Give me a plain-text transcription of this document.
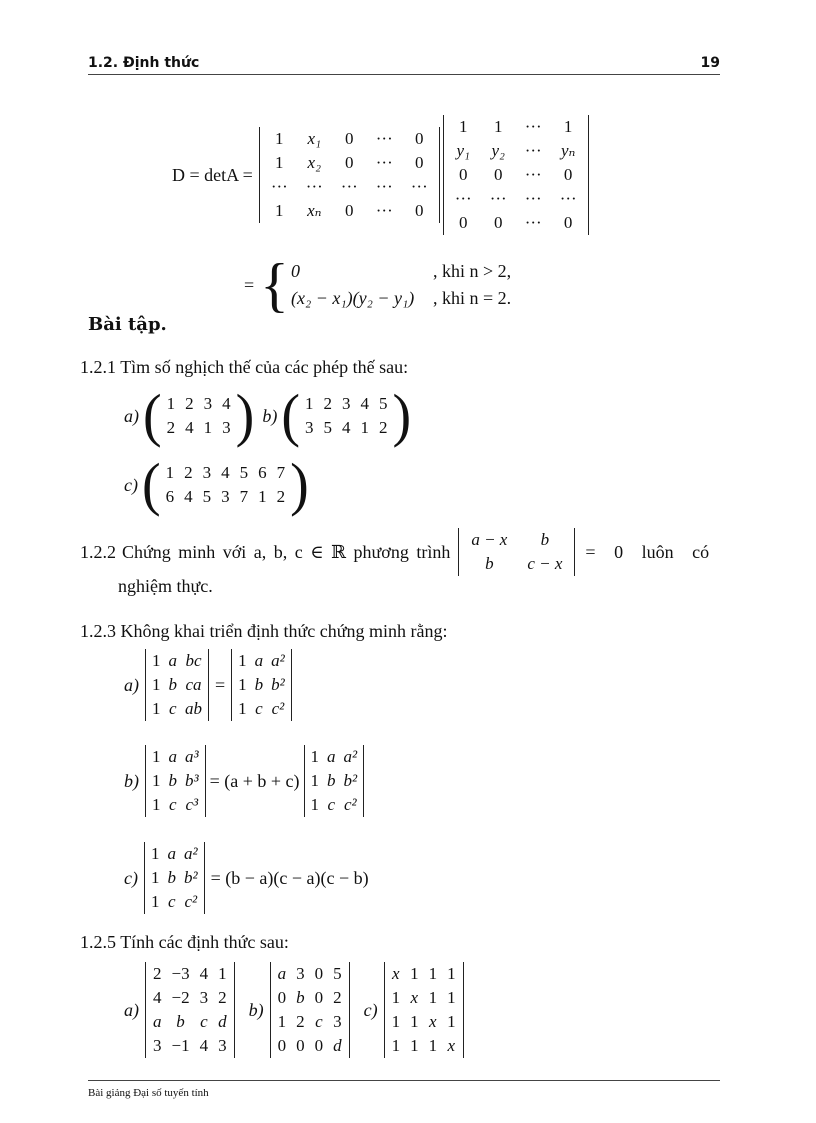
1.2. Định thức	19
D = detA =
1	x₁	0	···	0
1	x₂	0	···	0
···	···	···	···	···
1	xₙ	0	···	0
1	1	···	1
y₁	y₂	···	yₙ
0	0	···	0
···	···	···	···
0	0	···	0
= { 0	, khi n > 2,
(x₂ − x₁)(y₂ − y₁)	, khi n = 2.
Bài tập.
1.2.1 Tìm số nghịch thế của các phép thế sau:
a) ( 1	2	3	4
2	4	1	3 ) b) ( 1	2	3	4	5
3	5	4	1	2 )
c) ( 1	2	3	4	5	6	7
6	4	5	3	7	1	2 )
1.2.2 Chứng minh với a, b, c ∈ ℝ phương trình
a − x	b
b	c − x
= 0 luôn có
nghiệm thực.
1.2.3 Không khai triển định thức chứng minh rằng:
a)
1	a	bc
1	b	ca
1	c	ab
=
1	a	a²
1	b	b²
1	c	c²
b)
1	a	a³
1	b	b³
1	c	c³
= (a + b + c)
1	a	a²
1	b	b²
1	c	c²
c)
1	a	a²
1	b	b²
1	c	c²
= (b − a)(c − a)(c − b)
1.2.5 Tính các định thức sau:
a)
2	−3	4	1
4	−2	3	2
a	b	c	d
3	−1	4	3
b)
a	3	0	5
0	b	0	2
1	2	c	3
0	0	0	d
c)
x	1	1	1
1	x	1	1
1	1	x	1
1	1	1	x
Bài giảng Đại số tuyến tính
